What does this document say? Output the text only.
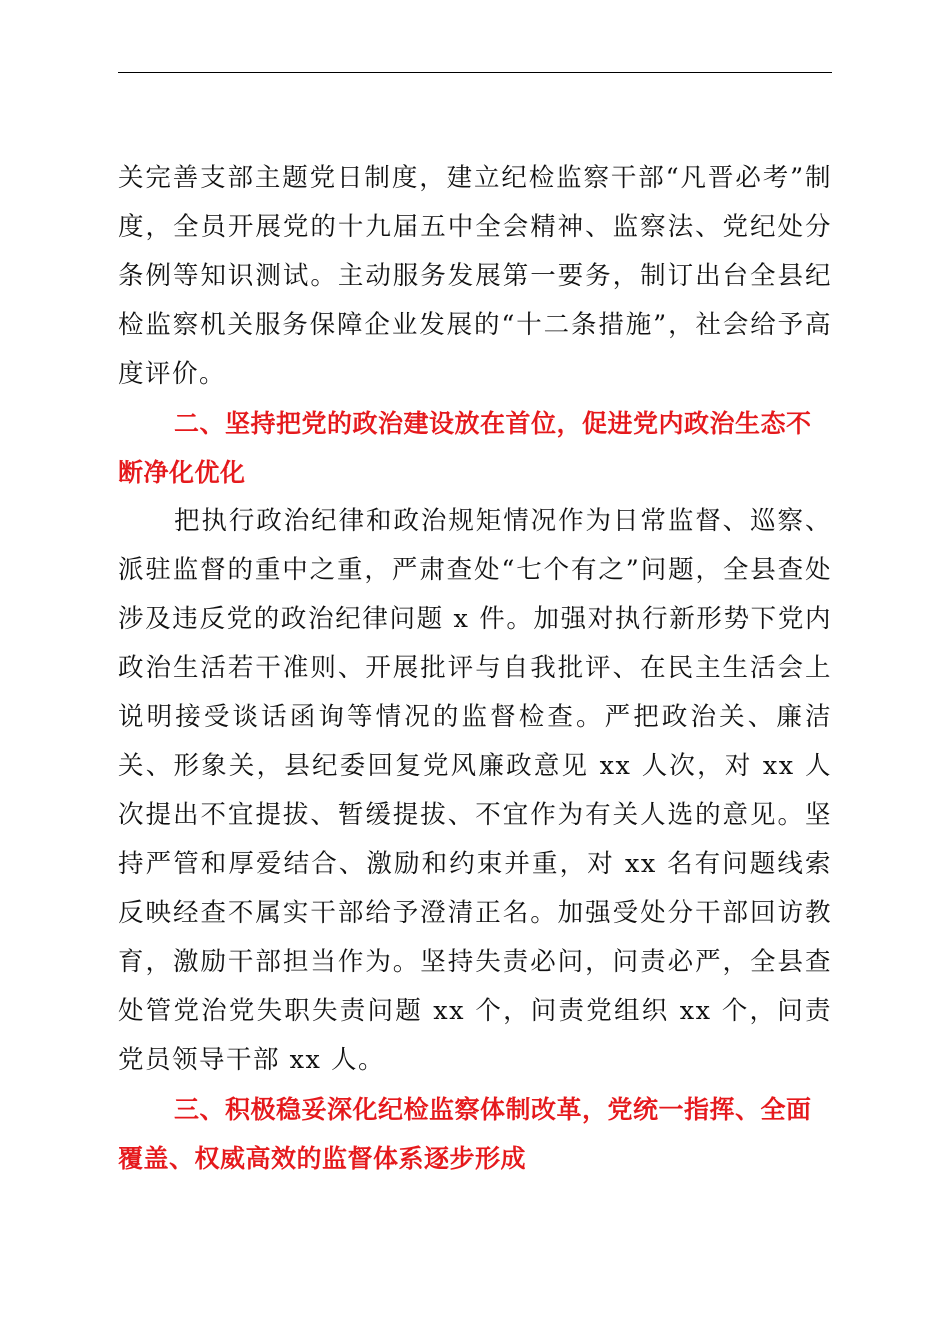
关完善支部主题党日制度，建立纪检监察干部“凡晋必考”制度，全员开展党的十九届五中全会精神、监察法、党纪处分条例等知识测试。主动服务发展第一要务，制订出台全县纪检监察机关服务保障企业发展的“十二条措施”，社会给予高度评价。

二、坚持把党的政治建设放在首位，促进党内政治生态不断净化优化

把执行政治纪律和政治规矩情况作为日常监督、巡察、派驻监督的重中之重，严肃查处“七个有之”问题，全县查处涉及违反党的政治纪律问题 x 件。加强对执行新形势下党内政治生活若干准则、开展批评与自我批评、在民主生活会上说明接受谈话函询等情况的监督检查。严把政治关、廉洁关、形象关，县纪委回复党风廉政意见 xx 人次，对 xx 人次提出不宜提拔、暂缓提拔、不宜作为有关人选的意见。坚持严管和厚爱结合、激励和约束并重，对 xx 名有问题线索反映经查不属实干部给予澄清正名。加强受处分干部回访教育，激励干部担当作为。坚持失责必问，问责必严，全县查处管党治党失职失责问题 xx 个，问责党组织 xx 个，问责党员领导干部 xx 人。

三、积极稳妥深化纪检监察体制改革，党统一指挥、全面覆盖、权威高效的监督体系逐步形成
